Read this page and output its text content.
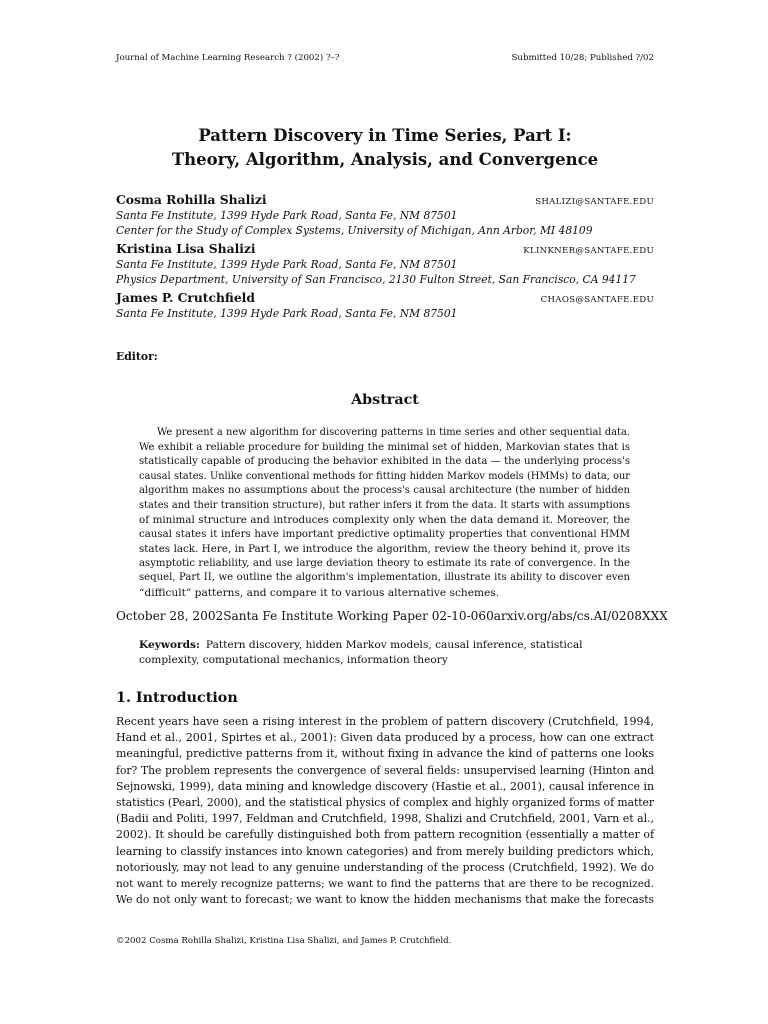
Journal of Machine Learning Research ? (2002) ?–?	Submitted 10/28; Published ?/02
Pattern Discovery in Time Series, Part I:
Theory, Algorithm, Analysis, and Convergence
Cosma Rohilla Shalizi	SHALIZI@SANTAFE.EDU
Santa Fe Institute, 1399 Hyde Park Road, Santa Fe, NM 87501
Center for the Study of Complex Systems, University of Michigan, Ann Arbor, MI 48109
Kristina Lisa Shalizi	KLINKNER@SANTAFE.EDU
Santa Fe Institute, 1399 Hyde Park Road, Santa Fe, NM 87501
Physics Department, University of San Francisco, 2130 Fulton Street, San Francisco, CA 94117
James P. Crutchfield	CHAOS@SANTAFE.EDU
Santa Fe Institute, 1399 Hyde Park Road, Santa Fe, NM 87501
Editor:
Abstract
We present a new algorithm for discovering patterns in time series and other sequential data.
We exhibit a reliable procedure for building the minimal set of hidden, Markovian states that is
statistically capable of producing the behavior exhibited in the data — the underlying process's
causal states. Unlike conventional methods for fitting hidden Markov models (HMMs) to data, our
algorithm makes no assumptions about the process's causal architecture (the number of hidden
states and their transition structure), but rather infers it from the data. It starts with assumptions
of minimal structure and introduces complexity only when the data demand it. Moreover, the
causal states it infers have important predictive optimality properties that conventional HMM
states lack. Here, in Part I, we introduce the algorithm, review the theory behind it, prove its
asymptotic reliability, and use large deviation theory to estimate its rate of convergence. In the
sequel, Part II, we outline the algorithm's implementation, illustrate its ability to discover even
“difficult” patterns, and compare it to various alternative schemes.
October 28, 2002 Santa Fe Institute Working Paper 02-10-060 arxiv.org/abs/cs.AI/0208XXX
Keywords: Pattern discovery, hidden Markov models, causal inference, statistical complexity, computational mechanics, information theory
1. Introduction
Recent years have seen a rising interest in the problem of pattern discovery (Crutchfield, 1994,
Hand et al., 2001, Spirtes et al., 2001): Given data produced by a process, how can one extract
meaningful, predictive patterns from it, without fixing in advance the kind of patterns one looks
for? The problem represents the convergence of several fields: unsupervised learning (Hinton and
Sejnowski, 1999), data mining and knowledge discovery (Hastie et al., 2001), causal inference in
statistics (Pearl, 2000), and the statistical physics of complex and highly organized forms of matter
(Badii and Politi, 1997, Feldman and Crutchfield, 1998, Shalizi and Crutchfield, 2001, Varn et al.,
2002). It should be carefully distinguished both from pattern recognition (essentially a matter of
learning to classify instances into known categories) and from merely building predictors which,
notoriously, may not lead to any genuine understanding of the process (Crutchfield, 1992). We do
not want to merely recognize patterns; we want to find the patterns that are there to be recognized.
We do not only want to forecast; we want to know the hidden mechanisms that make the forecasts
©2002 Cosma Rohilla Shalizi, Kristina Lisa Shalizi, and James P. Crutchfield.
